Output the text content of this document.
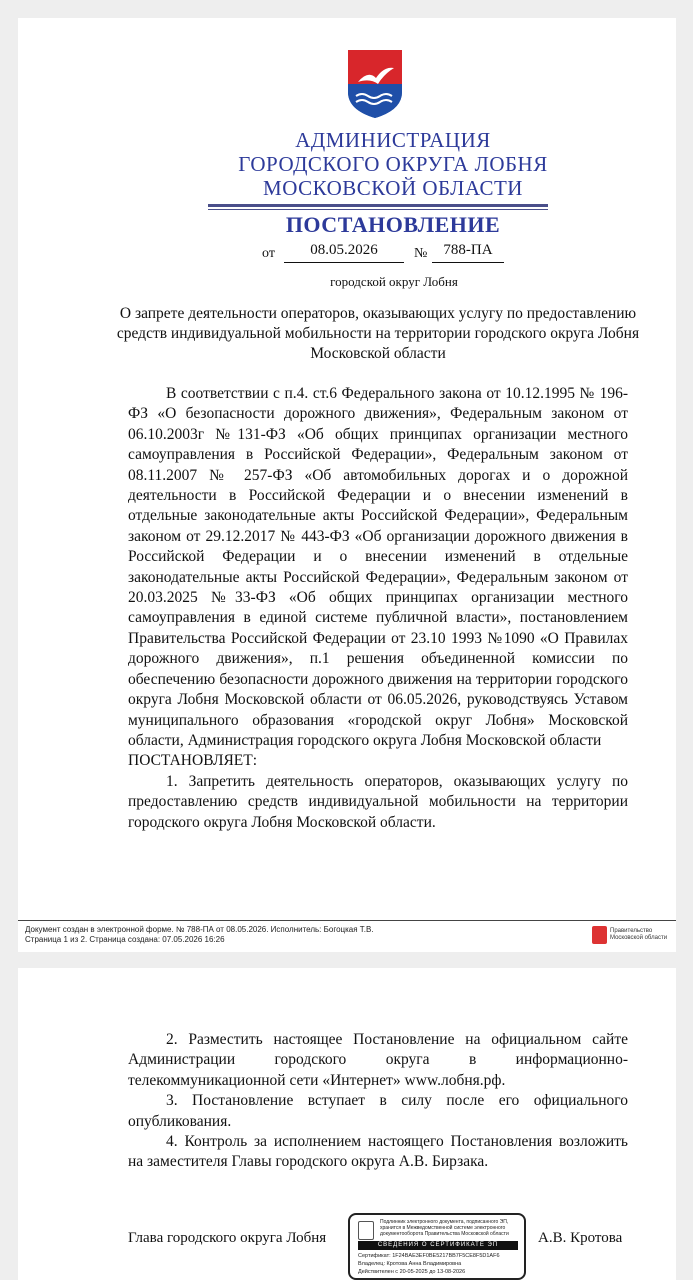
АДМИНИСТРАЦИЯ
ГОРОДСКОГО ОКРУГА ЛОБНЯ
МОСКОВСКОЙ ОБЛАСТИ
ПОСТАНОВЛЕНИЕ
от	08.05.2026	№	788-ПА
городской округ Лобня
О запрете деятельности операторов, оказывающих услугу по предоставлению средств индивидуальной мобильности на территории городского округа Лобня Московской области

В соответствии с п.4. ст.6 Федерального закона от 10.12.1995 № 196-ФЗ «О безопасности дорожного движения», Федеральным законом от 06.10.2003г №131-ФЗ «Об общих принципах организации местного самоуправления в Российской Федерации», Федеральным законом от 08.11.2007 № 257-ФЗ «Об автомобильных дорогах и о дорожной деятельности в Российской Федерации и о внесении изменений в отдельные законодательные акты Российской Федерации», Федеральным законом от 29.12.2017 № 443-ФЗ «Об организации дорожного движения в Российской Федерации и о внесении изменений в отдельные законодательные акты Российской Федерации», Федеральным законом от 20.03.2025 №33-ФЗ «Об общих принципах организации местного самоуправления в единой системе публичной власти», постановлением Правительства Российской Федерации от 23.10 1993 №1090 «О Правилах дорожного движения», п.1 решения объединенной комиссии по обеспечению безопасности дорожного движения на территории городского округа Лобня Московской области от 06.05.2026, руководствуясь Уставом муниципального образования «городской округ Лобня» Московской области, Администрация городского округа Лобня Московской области

ПОСТАНОВЛЯЕТ:

1. Запретить деятельность операторов, оказывающих услугу по предоставлению средств индивидуальной мобильности на территории городского округа Лобня Московской области.

Документ создан в электронной форме. № 788-ПА от 08.05.2026. Исполнитель: Богоцкая Т.В.
Страница 1 из 2. Страница создана: 07.05.2026 16:26
Правительство
Московской области

2. Разместить настоящее Постановление на официальном сайте Администрации городского округа в информационно-телекоммуникационной сети «Интернет» www.лобня.рф.

3. Постановление вступает в силу после его официального опубликования.

4. Контроль за исполнением настоящего Постановления возложить на заместителя Главы городского округа А.В. Бирзака.

Глава городского округа Лобня
Подлинник электронного документа, подписанного ЭП, хранится в Межведомственной системе электронного документооборота Правительства Московской области
СВЕДЕНИЯ О СЕРТИФИКАТЕ ЭП
Сертификат: 1F24BAE3EF0BE5217BB7F5CE8F5D1AF6
Владелец: Кротова Анна Владимировна
Действителен с 20-05-2025 до 13-08-2026
А.В. Кротова
